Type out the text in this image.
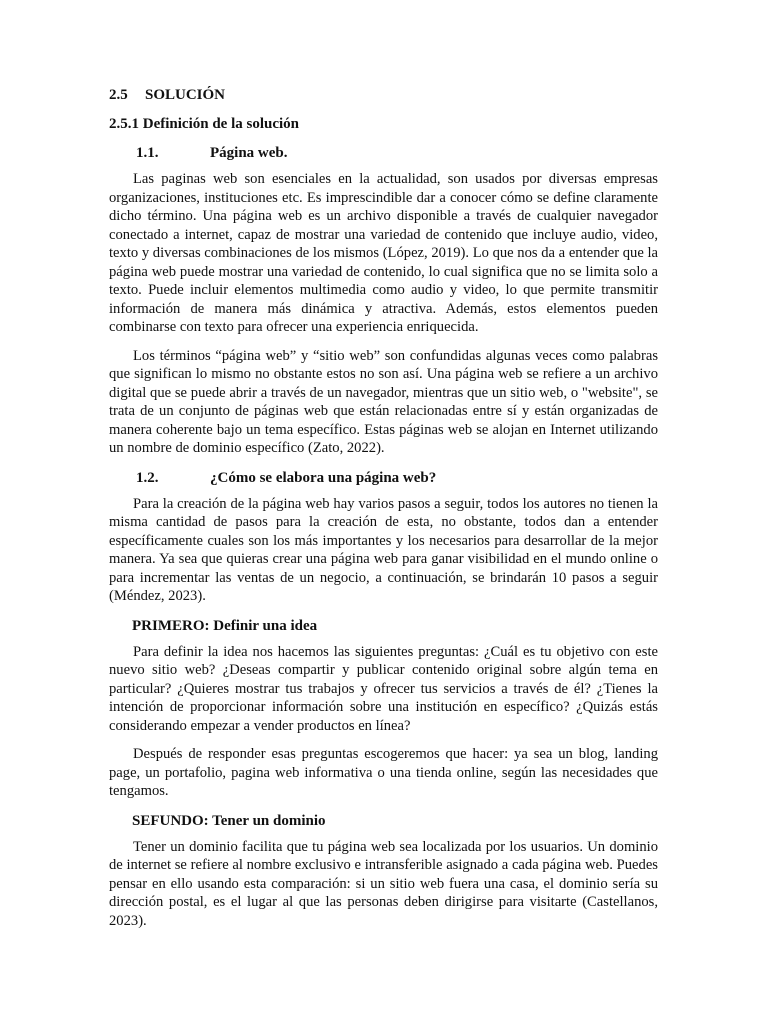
2.5 SOLUCIÓN
2.5.1 Definición de la solución
1.1.	Página web.

Las paginas web son esenciales en la actualidad, son usados por diversas empresas organizaciones, instituciones etc. Es imprescindible dar a conocer cómo se define claramente dicho término. Una página web es un archivo disponible a través de cualquier navegador conectado a internet, capaz de mostrar una variedad de contenido que incluye audio, video, texto y diversas combinaciones de los mismos (López, 2019). Lo que nos da a entender que la página web puede mostrar una variedad de contenido, lo cual significa que no se limita solo a texto. Puede incluir elementos multimedia como audio y video, lo que permite transmitir información de manera más dinámica y atractiva. Además, estos elementos pueden combinarse con texto para ofrecer una experiencia enriquecida.

Los términos “página web” y “sitio web” son confundidas algunas veces como palabras que significan lo mismo no obstante estos no son así. Una página web se refiere a un archivo digital que se puede abrir a través de un navegador, mientras que un sitio web, o "website", se trata de un conjunto de páginas web que están relacionadas entre sí y están organizadas de manera coherente bajo un tema específico. Estas páginas web se alojan en Internet utilizando un nombre de dominio específico (Zato, 2022).

1.2.	¿Cómo se elabora una página web?

Para la creación de la página web hay varios pasos a seguir, todos los autores no tienen la misma cantidad de pasos para la creación de esta, no obstante, todos dan a entender específicamente cuales son los más importantes y los necesarios para desarrollar de la mejor manera. Ya sea que quieras crear una página web para ganar visibilidad en el mundo online o para incrementar las ventas de un negocio, a continuación, se brindarán 10 pasos a seguir (Méndez, 2023).

PRIMERO: Definir una idea

Para definir la idea nos hacemos las siguientes preguntas: ¿Cuál es tu objetivo con este nuevo sitio web? ¿Deseas compartir y publicar contenido original sobre algún tema en particular? ¿Quieres mostrar tus trabajos y ofrecer tus servicios a través de él? ¿Tienes la intención de proporcionar información sobre una institución en específico? ¿Quizás estás considerando empezar a vender productos en línea?

Después de responder esas preguntas escogeremos que hacer: ya sea un blog, landing page, un portafolio, pagina web informativa o una tienda online, según las necesidades que tengamos.

SEFUNDO: Tener un dominio

Tener un dominio facilita que tu página web sea localizada por los usuarios. Un dominio de internet se refiere al nombre exclusivo e intransferible asignado a cada página web. Puedes pensar en ello usando esta comparación: si un sitio web fuera una casa, el dominio sería su dirección postal, es el lugar al que las personas deben dirigirse para visitarte (Castellanos, 2023).
